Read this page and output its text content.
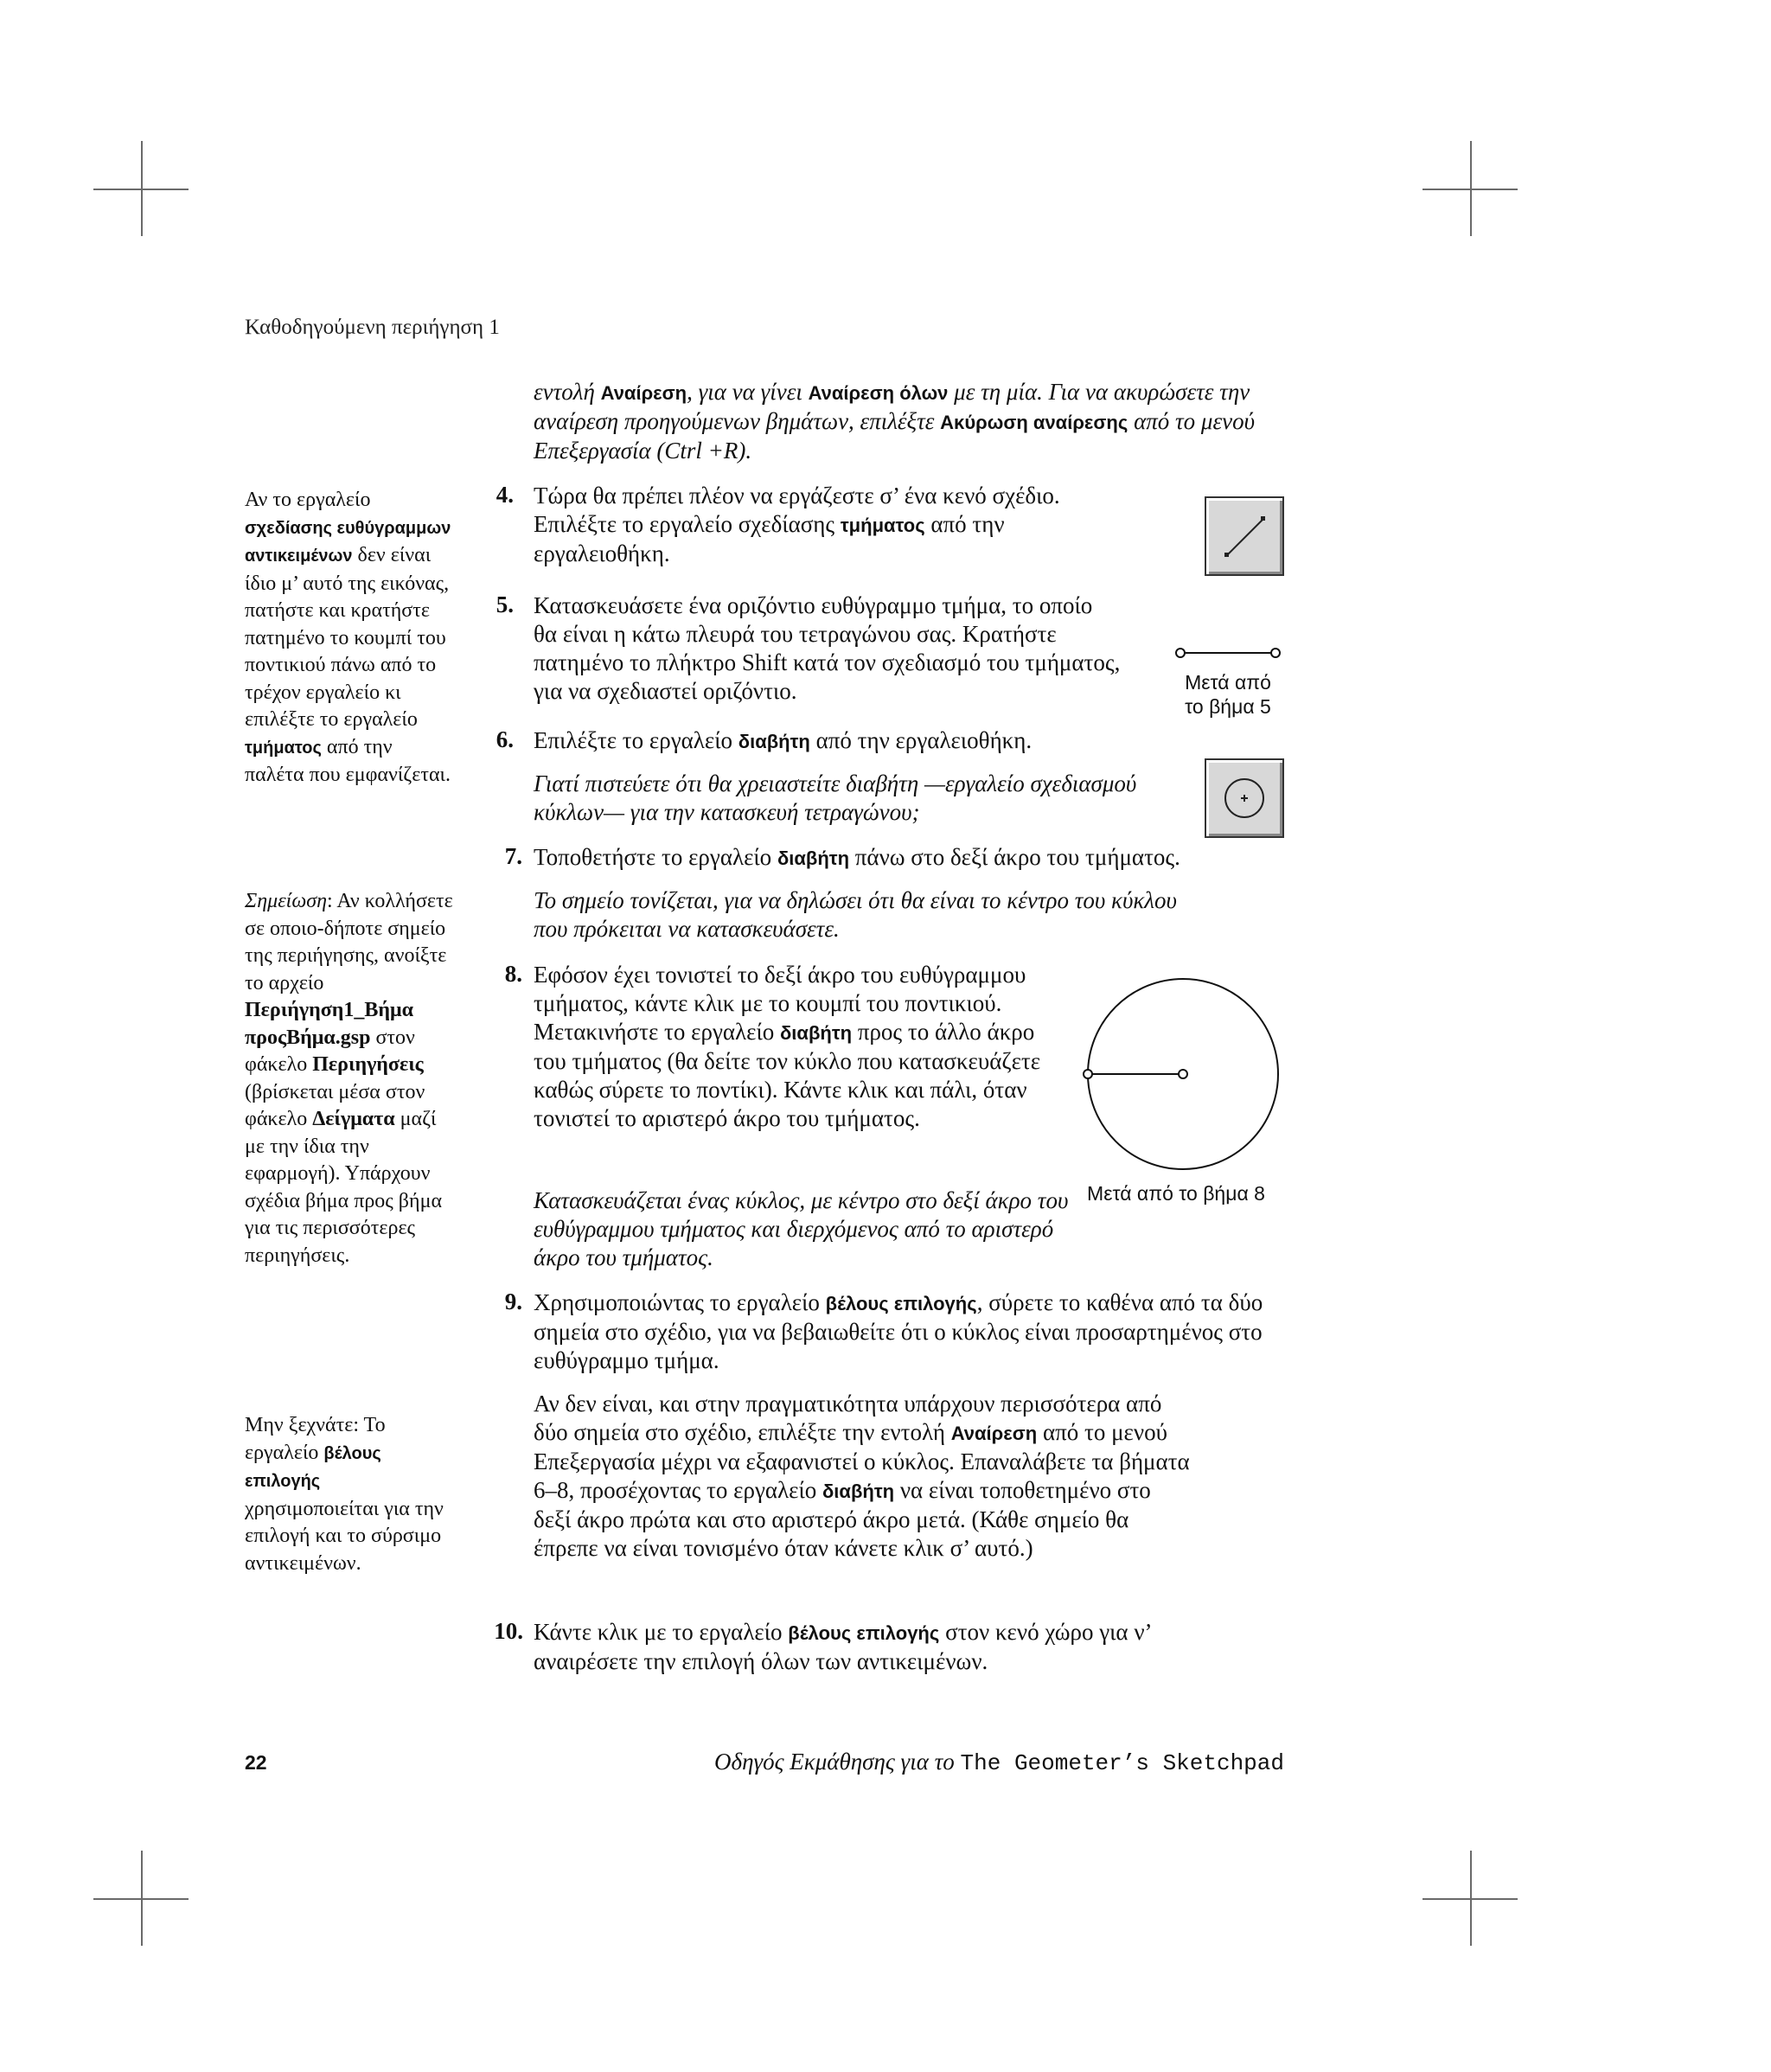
Καθοδηγούμενη περιήγηση 1
εντολή Αναίρεση, για να γίνει Αναίρεση όλων με τη μία. Για να ακυρώσετε την αναίρεση προηγούμενων βημάτων, επιλέξτε Ακύρωση αναίρεσης από το μενού Επεξεργασία (Ctrl +R).
Αν το εργαλείο σχεδίασης ευθύγραμμων αντικειμένων δεν είναι ίδιο μ’ αυτό της εικόνας, πατήστε και κρατήστε πατημένο το κουμπί του ποντικιού πάνω από το τρέχον εργαλείο κι επιλέξτε το εργαλείο τμήματος από την παλέτα που εμφανίζεται.
Σημείωση: Αν κολλήσετε σε οποιο-δήποτε σημείο της περιήγησης, ανοίξτε το αρχείο Περιήγηση1_Βήμα προςΒήμα.gsp στον φάκελο Περιηγήσεις (βρίσκεται μέσα στον φάκελο Δείγματα μαζί με την ίδια την εφαρμογή). Υπάρχουν σχέδια βήμα προς βήμα για τις περισσότερες περιηγήσεις.
Μην ξεχνάτε: Το εργαλείο βέλους επιλογής χρησιμοποιείται για την επιλογή και το σύρσιμο αντικειμένων.
4. Τώρα θα πρέπει πλέον να εργάζεστε σ’ ένα κενό σχέδιο. Επιλέξτε το εργαλείο σχεδίασης τμήματος από την εργαλειοθήκη.
5. Κατασκευάσετε ένα οριζόντιο ευθύγραμμο τμήμα, το οποίο θα είναι η κάτω πλευρά του τετραγώνου σας. Κρατήστε πατημένο το πλήκτρο Shift κατά τον σχεδιασμό του τμήματος, για να σχεδιαστεί οριζόντιο.	Μετά από
το βήμα 5
6. Επιλέξτε το εργαλείο διαβήτη από την εργαλειοθήκη.
Γιατί πιστεύετε ότι θα χρειαστείτε διαβήτη —εργαλείο σχεδιασμού κύκλων— για την κατασκευή τετραγώνου;
7. Τοποθετήστε το εργαλείο διαβήτη πάνω στο δεξί άκρο του τμήματος.
Το σημείο τονίζεται, για να δηλώσει ότι θα είναι το κέντρο του κύκλου που πρόκειται να κατασκευάσετε.
8. Εφόσον έχει τονιστεί το δεξί άκρο του ευθύγραμμου τμήματος, κάντε κλικ με το κουμπί του ποντικιού. Μετακινήστε το εργαλείο διαβήτη προς το άλλο άκρο του τμήματος (θα δείτε τον κύκλο που κατασκευάζετε καθώς σύρετε το ποντίκι). Κάντε κλικ και πάλι, όταν τονιστεί το αριστερό άκρο του τμήματος.
Κατασκευάζεται ένας κύκλος, με κέντρο στο δεξί άκρο του ευθύγραμμου τμήματος και διερχόμενος από το αριστερό άκρο του τμήματος.
Μετά από το βήμα 8
9. Χρησιμοποιώντας το εργαλείο βέλους επιλογής, σύρετε το καθένα από τα δύο σημεία στο σχέδιο, για να βεβαιωθείτε ότι ο κύκλος είναι προσαρτημένος στο ευθύγραμμο τμήμα.
Αν δεν είναι, και στην πραγματικότητα υπάρχουν περισσότερα από δύο σημεία στο σχέδιο, επιλέξτε την εντολή Αναίρεση από το μενού Επεξεργασία μέχρι να εξαφανιστεί ο κύκλος. Επαναλάβετε τα βήματα 6–8, προσέχοντας το εργαλείο διαβήτη να είναι τοποθετημένο στο δεξί άκρο πρώτα και στο αριστερό άκρο μετά. (Κάθε σημείο θα έπρεπε να είναι τονισμένο όταν κάνετε κλικ σ’ αυτό.)
10. Κάντε κλικ με το εργαλείο βέλους επιλογής στον κενό χώρο για ν’ αναιρέσετε την επιλογή όλων των αντικειμένων.
22	Οδηγός Εκμάθησης για το The Geometer’s Sketchpad
